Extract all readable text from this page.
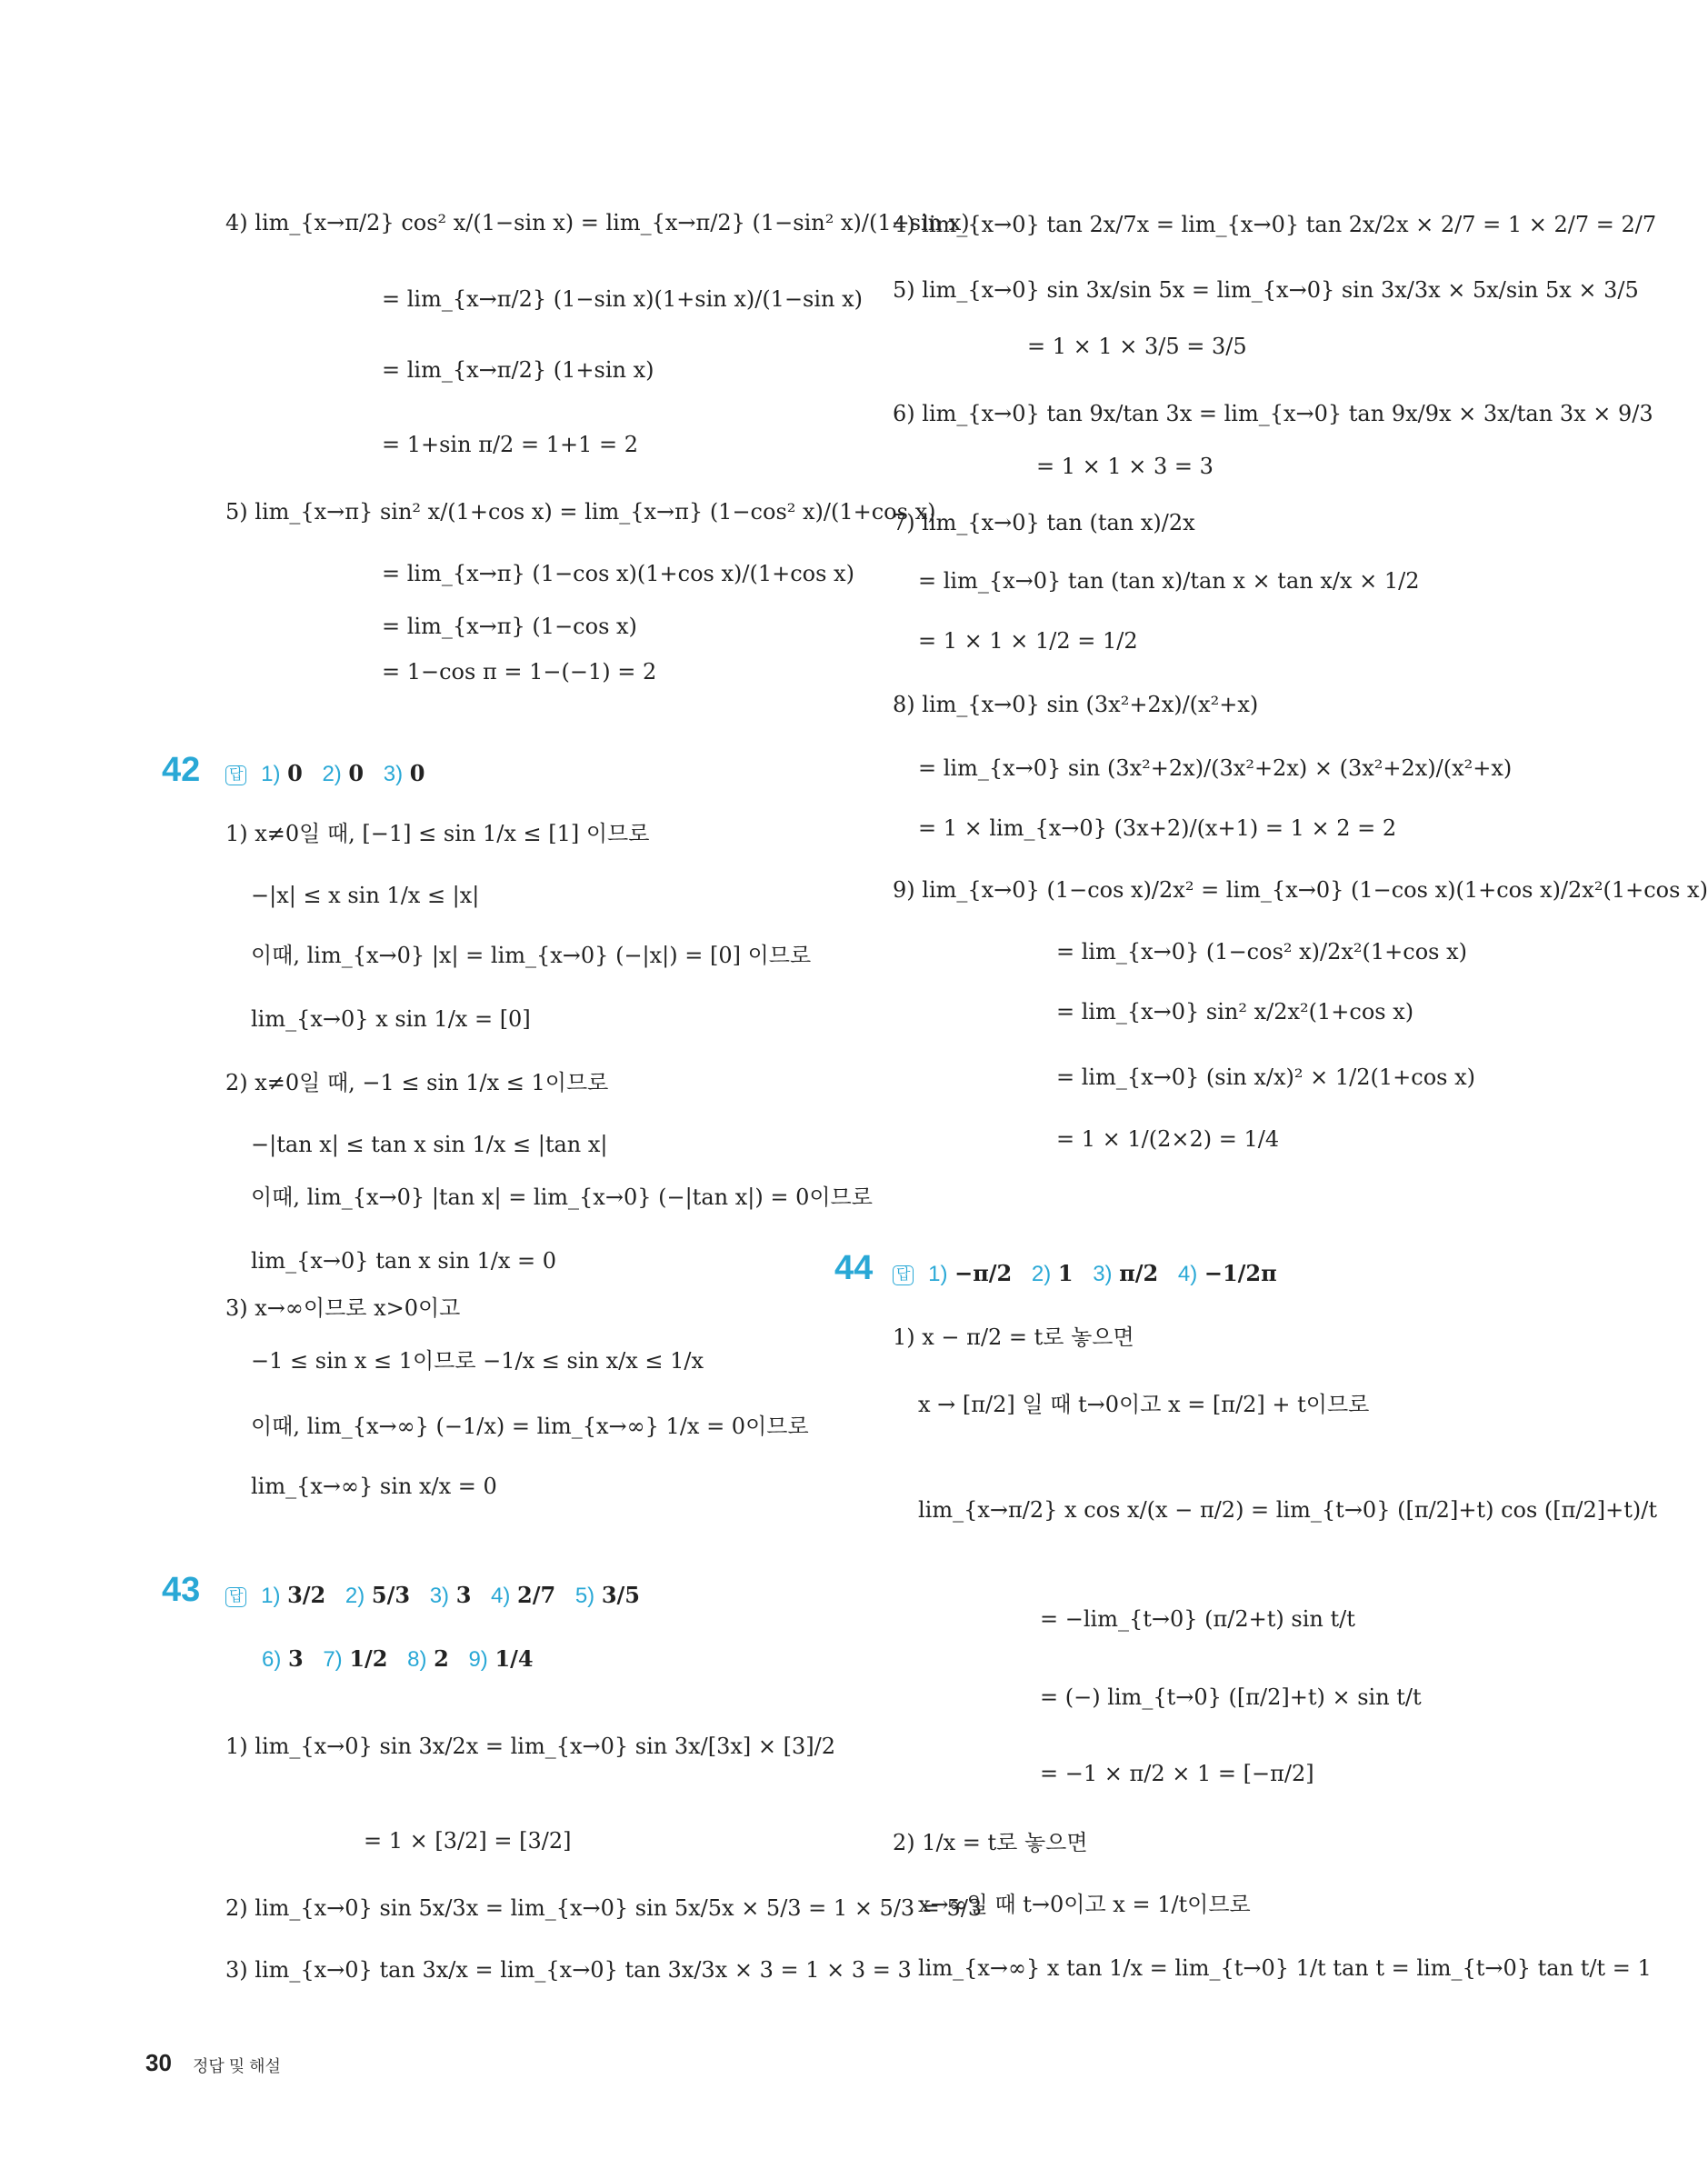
4) lim_{x→π/2} cos² x/(1−sin x) = lim_{x→π/2} (1−sin² x)/(1−sin x)
= lim_{x→π/2} (1−sin x)(1+sin x)/(1−sin x)
= lim_{x→π/2} (1+sin x)
= 1+sin π/2 = 1+1 = 2
5) lim_{x→π} sin² x/(1+cos x) = lim_{x→π} (1−cos² x)/(1+cos x)
= lim_{x→π} (1−cos x)(1+cos x)/(1+cos x)
= lim_{x→π} (1−cos x)
= 1−cos π = 1−(−1) = 2
42 답 1) 0 2) 0 3) 0
1) x≠0일 때, [−1] ≤ sin 1/x ≤ [1] 이므로
−|x| ≤ x sin 1/x ≤ |x|
이때, lim_{x→0} |x| = lim_{x→0} (−|x|) = [0] 이므로
lim_{x→0} x sin 1/x = [0]
2) x≠0일 때, −1 ≤ sin 1/x ≤ 1이므로
−|tan x| ≤ tan x sin 1/x ≤ |tan x|
이때, lim_{x→0} |tan x| = lim_{x→0} (−|tan x|) = 0이므로
lim_{x→0} tan x sin 1/x = 0
3) x→∞이므로 x>0이고
−1 ≤ sin x ≤ 1이므로 −1/x ≤ sin x/x ≤ 1/x
이때, lim_{x→∞} (−1/x) = lim_{x→∞} 1/x = 0이므로
lim_{x→∞} sin x/x = 0
43 답 1) 3/2 2) 5/3 3) 3 4) 2/7 5) 3/5
6) 3 7) 1/2 8) 2 9) 1/4
1) lim_{x→0} sin 3x/2x = lim_{x→0} sin 3x/[3x] × [3]/2
= 1 × [3/2] = [3/2]
2) lim_{x→0} sin 5x/3x = lim_{x→0} sin 5x/5x × 5/3 = 1 × 5/3 = 5/3
3) lim_{x→0} tan 3x/x = lim_{x→0} tan 3x/3x × 3 = 1 × 3 = 3
4) lim_{x→0} tan 2x/7x = lim_{x→0} tan 2x/2x × 2/7 = 1 × 2/7 = 2/7
5) lim_{x→0} sin 3x/sin 5x = lim_{x→0} sin 3x/3x × 5x/sin 5x × 3/5
= 1 × 1 × 3/5 = 3/5
6) lim_{x→0} tan 9x/tan 3x = lim_{x→0} tan 9x/9x × 3x/tan 3x × 9/3
= 1 × 1 × 3 = 3
7) lim_{x→0} tan (tan x)/2x
= lim_{x→0} tan (tan x)/tan x × tan x/x × 1/2
= 1 × 1 × 1/2 = 1/2
8) lim_{x→0} sin (3x²+2x)/(x²+x)
= lim_{x→0} sin (3x²+2x)/(3x²+2x) × (3x²+2x)/(x²+x)
= 1 × lim_{x→0} (3x+2)/(x+1) = 1 × 2 = 2
9) lim_{x→0} (1−cos x)/2x² = lim_{x→0} (1−cos x)(1+cos x)/2x²(1+cos x)
= lim_{x→0} (1−cos² x)/2x²(1+cos x)
= lim_{x→0} sin² x/2x²(1+cos x)
= lim_{x→0} (sin x/x)² × 1/2(1+cos x)
= 1 × 1/(2×2) = 1/4
44 답 1) −π/2 2) 1 3) π/2 4) −1/2π
1) x − π/2 = t로 놓으면
x → [π/2] 일 때 t→0이고 x = [π/2] + t이므로
lim_{x→π/2} x cos x/(x − π/2) = lim_{t→0} ([π/2]+t) cos ([π/2]+t)/t
= −lim_{t→0} (π/2+t) sin t/t
= (−) lim_{t→0} ([π/2]+t) × sin t/t
= −1 × π/2 × 1 = [−π/2]
2) 1/x = t로 놓으면
x→∞일 때 t→0이고 x = 1/t이므로
lim_{x→∞} x tan 1/x = lim_{t→0} 1/t tan t = lim_{t→0} tan t/t = 1
30 정답 및 해설
